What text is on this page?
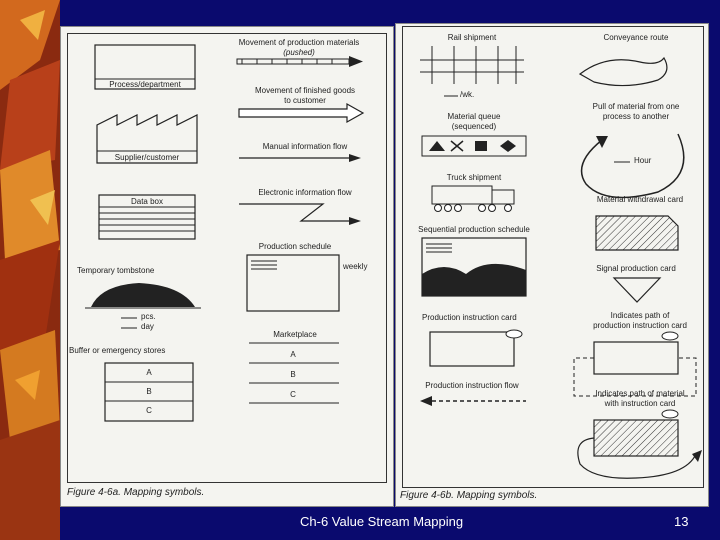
Process/department
Movement of production materials
(pushed)
Movement of finished goods
to customer
Supplier/customer
Manual information flow
Data box
Electronic information flow
Production schedule
weekly
Temporary tombstone
pcs.
day
Buffer or emergency stores
A
B
C
Marketplace
A
B
C
Figure 4-6a. Mapping symbols.
Rail shipment
/wk.
Conveyance route
Material queue
(sequenced)
Pull of material from one
process to another
Hour
Truck shipment
Material withdrawal card
Sequential production schedule
Signal production card
Production instruction card	Indicates path of
production instruction card
Production instruction flow
Indicates path of material
with instruction card
Figure 4-6b. Mapping symbols.
Ch-6 Value Stream Mapping	13
